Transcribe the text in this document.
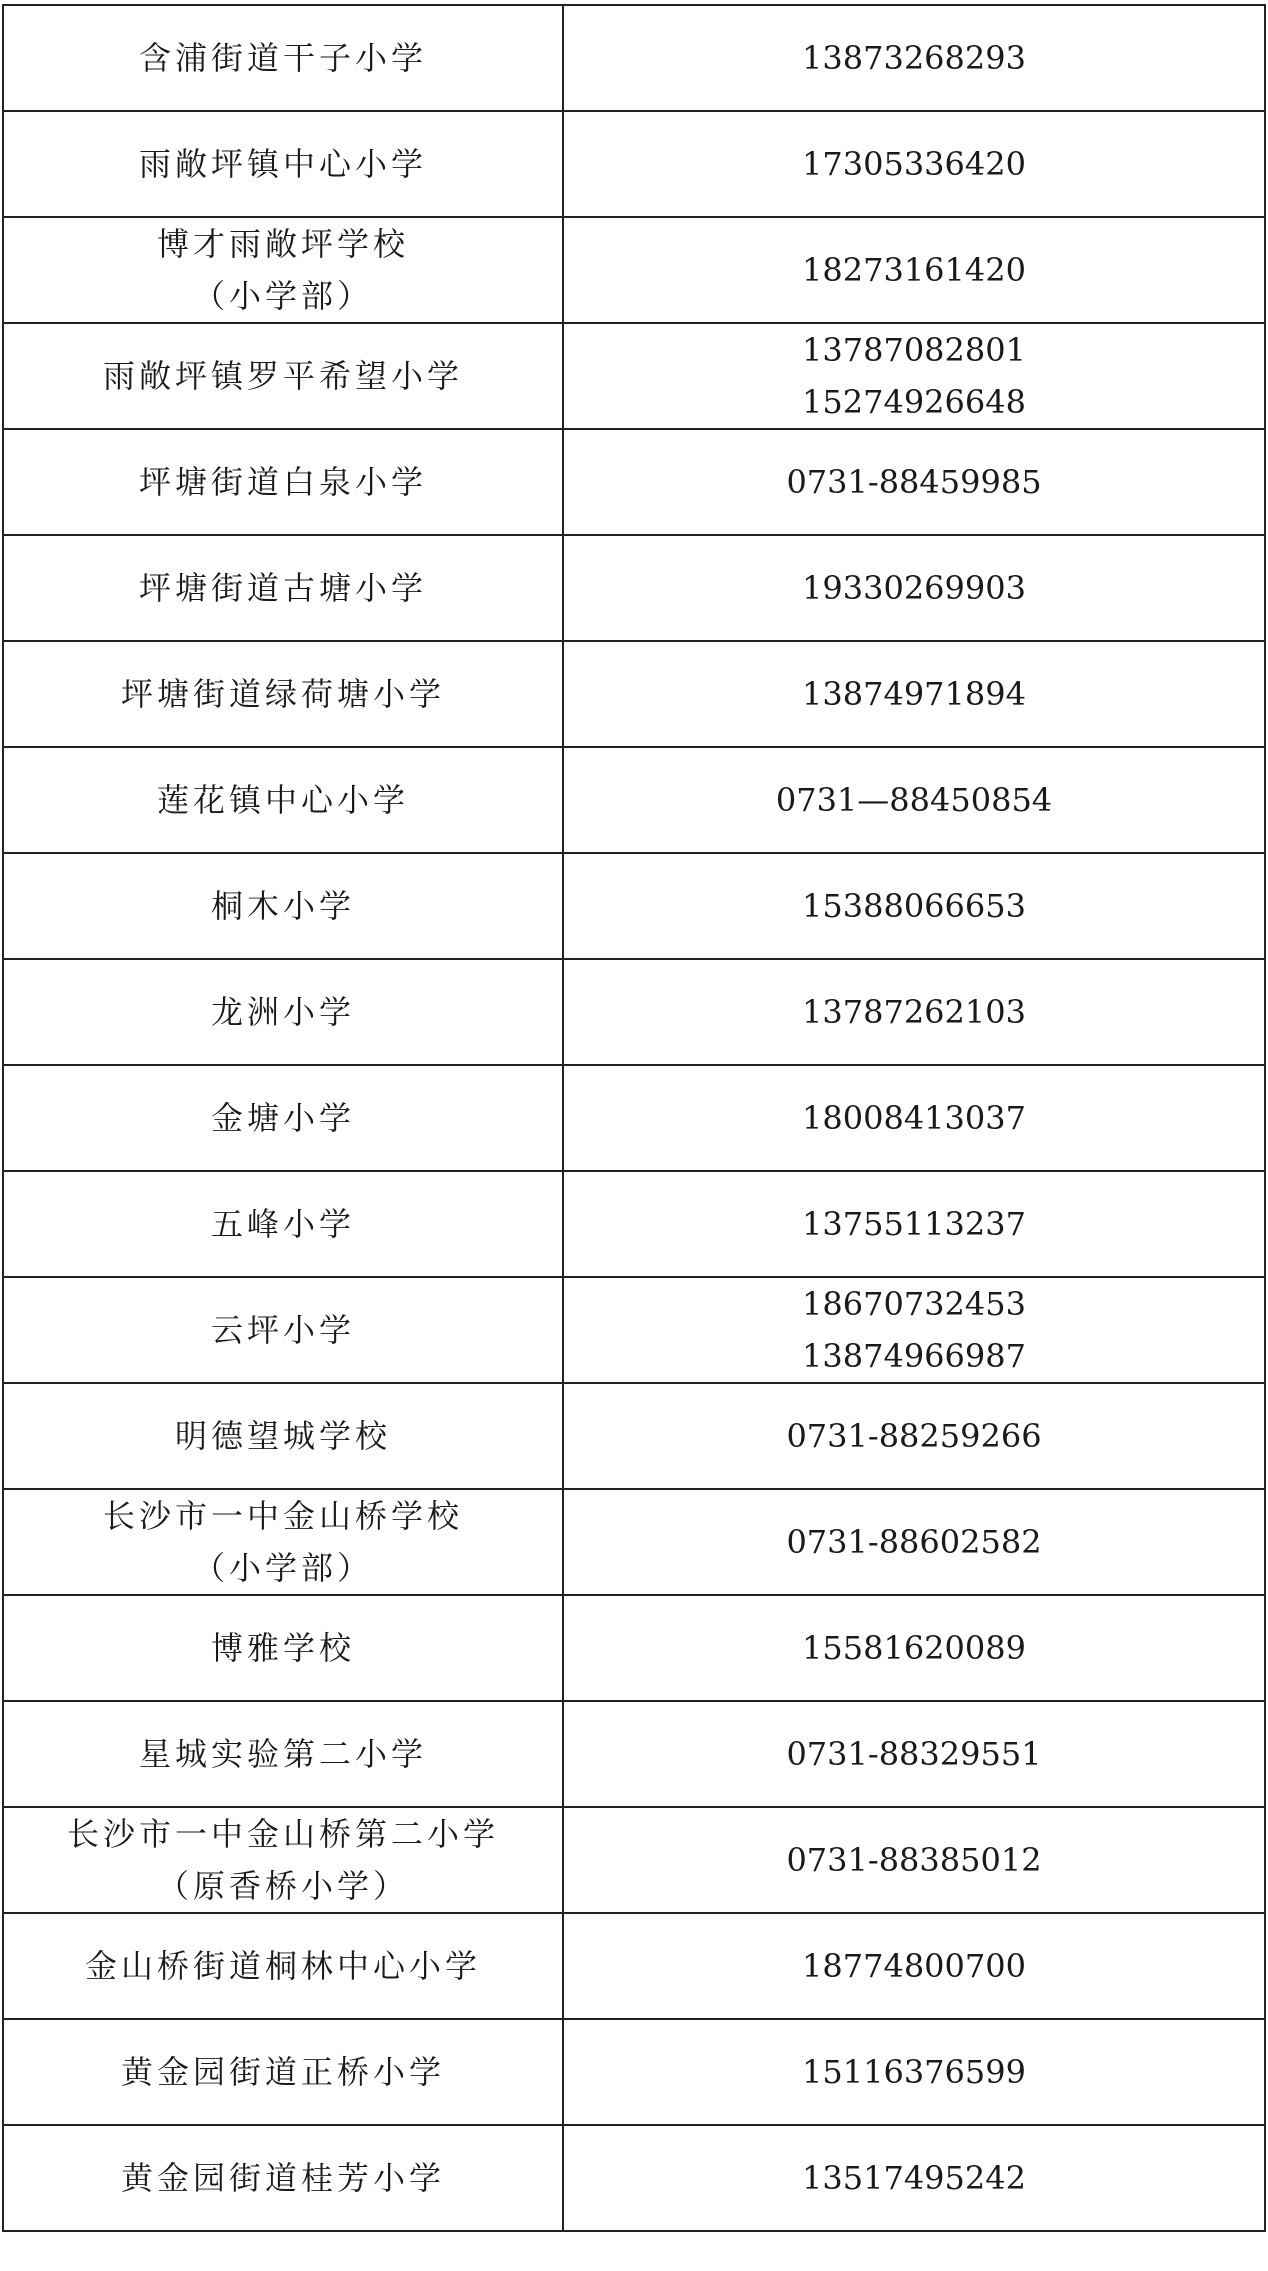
含浦街道干子小学	13873268293

雨敞坪镇中心小学	17305336420

博才雨敞坪学校
（小学部）	18273161420

雨敞坪镇罗平希望小学	13787082801
15274926648

坪塘街道白泉小学	0731-88459985

坪塘街道古塘小学	19330269903

坪塘街道绿荷塘小学	13874971894

莲花镇中心小学	0731—88450854

桐木小学	15388066653

龙洲小学	13787262103

金塘小学	18008413037

五峰小学	13755113237

云坪小学	18670732453
13874966987

明德望城学校	0731-88259266

长沙市一中金山桥学校
（小学部）	0731-88602582

博雅学校	15581620089

星城实验第二小学	0731-88329551

长沙市一中金山桥第二小学
（原香桥小学）	0731-88385012

金山桥街道桐林中心小学	18774800700

黄金园街道正桥小学	15116376599

黄金园街道桂芳小学	13517495242
